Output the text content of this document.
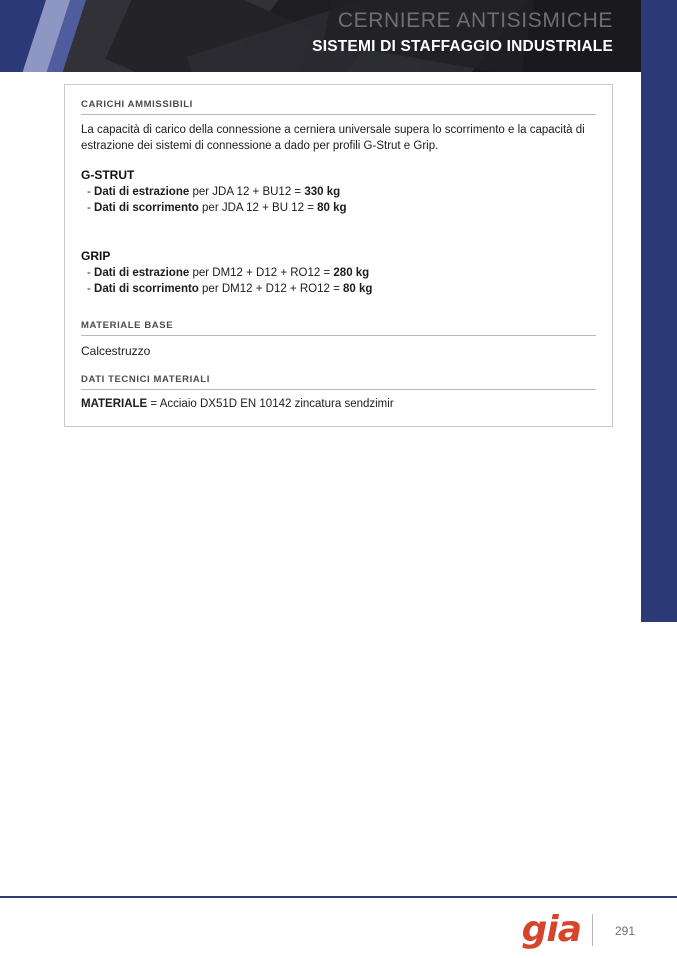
CERNIERE ANTISISMICHE
SISTEMI DI STAFFAGGIO INDUSTRIALE
CARICHI AMMISSIBILI

La capacità di carico della connessione a cerniera universale supera lo scorrimento e la capacità di estrazione dei sistemi di connessione a dado per profili G-Strut e Grip.

G-STRUT
- Dati di estrazione per JDA 12 + BU12 = 330 kg
- Dati di scorrimento per JDA 12 + BU 12 = 80 kg
GRIP
- Dati di estrazione per DM12 + D12 + RO12 = 280 kg
- Dati di scorrimento per DM12 + D12 + RO12 = 80 kg
MATERIALE BASE

Calcestruzzo

DATI TECNICI MATERIALI

MATERIALE = Acciaio DX51D EN 10142 zincatura sendzimir

gia	291
